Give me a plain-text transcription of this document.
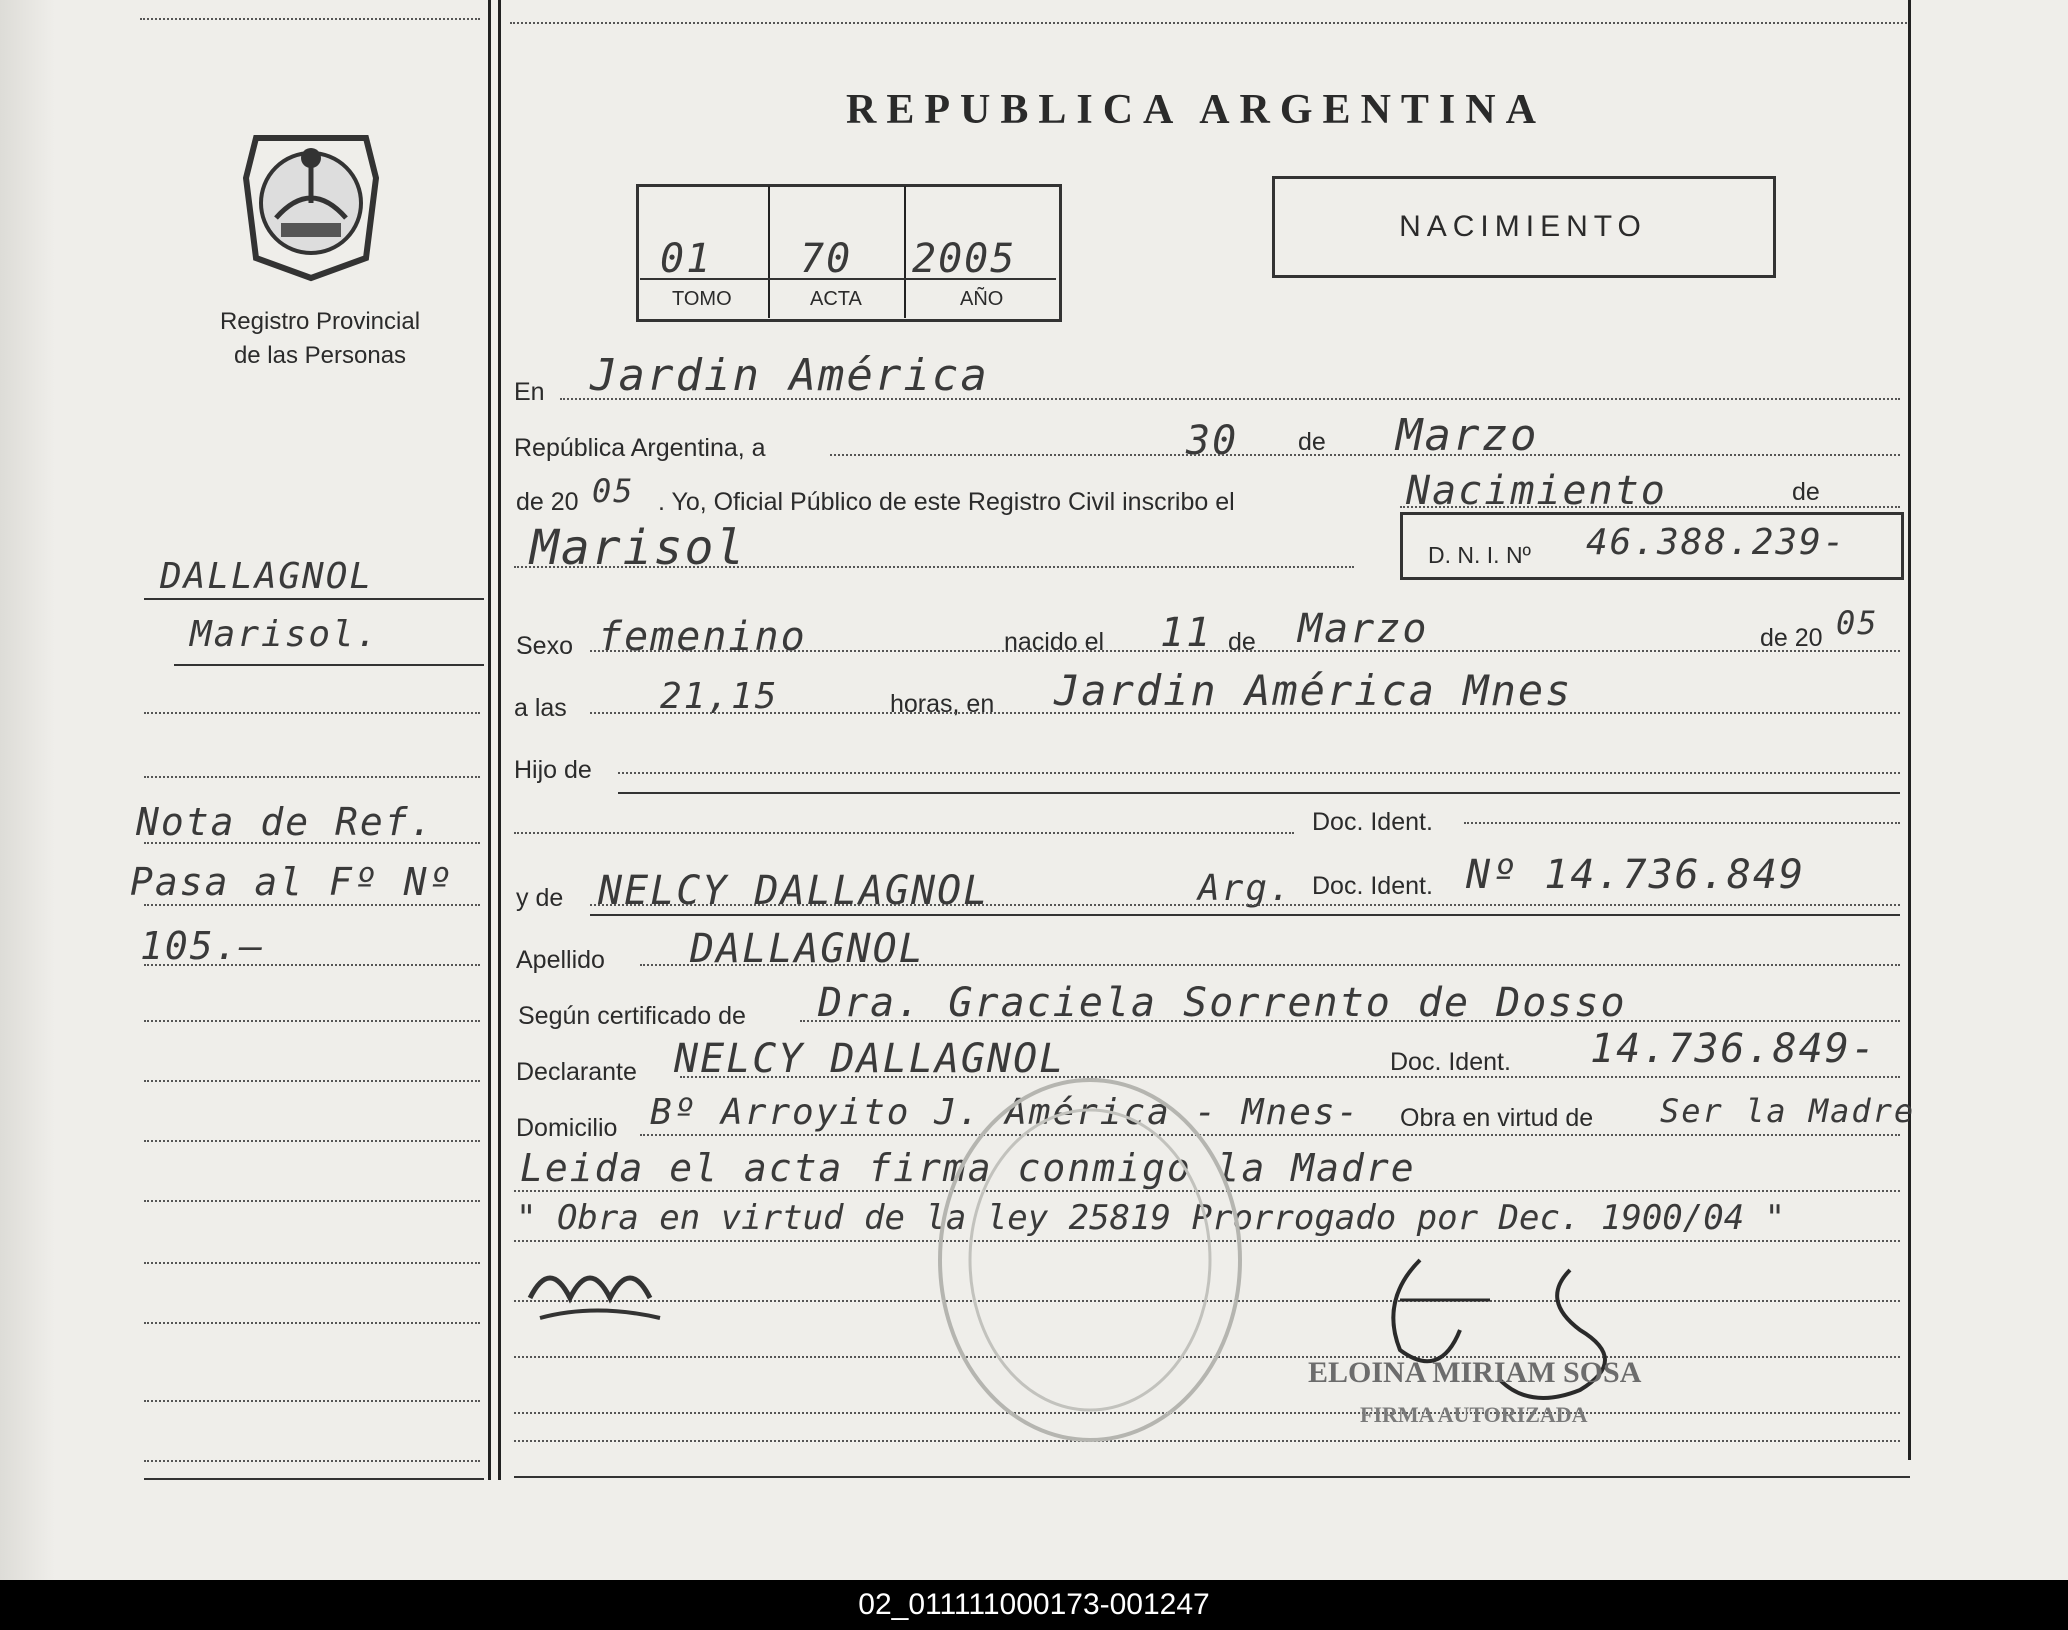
Registro Provincial
de las Personas
REPUBLICA ARGENTINA
01 70 2005
TOMO	ACTA	AÑO
NACIMIENTO
DALLAGNOL
Marisol.
Nota de Ref.
Pasa al Fº Nº
105.—
En Jardin América
República Argentina, a	30 de Marzo
de 20 05 . Yo, Oficial Público de este Registro Civil inscribo el	Nacimiento	de
Marisol	D. N. I. Nº 46.388.239-
Sexo femenino	nacido el 11 de Marzo	de 20 05
a las	21,15	horas, en Jardin América Mnes
Hijo de
Doc. Ident.
y de NELCY DALLAGNOL	Arg. Doc. Ident. Nº 14.736.849
Apellido DALLAGNOL
Según certificado de Dra. Graciela Sorrento de Dosso
Declarante NELCY DALLAGNOL	Doc. Ident. 14.736.849-
Domicilio Bº Arroyito J. América - Mnes- Obra en virtud de Ser la Madre
Leida el acta firma conmigo la Madre
" Obra en virtud de la ley 25819 Prorrogado por Dec. 1900/04 "
ELOINA MIRIAM SOSA
FIRMA AUTORIZADA
02_011111000173-001247
